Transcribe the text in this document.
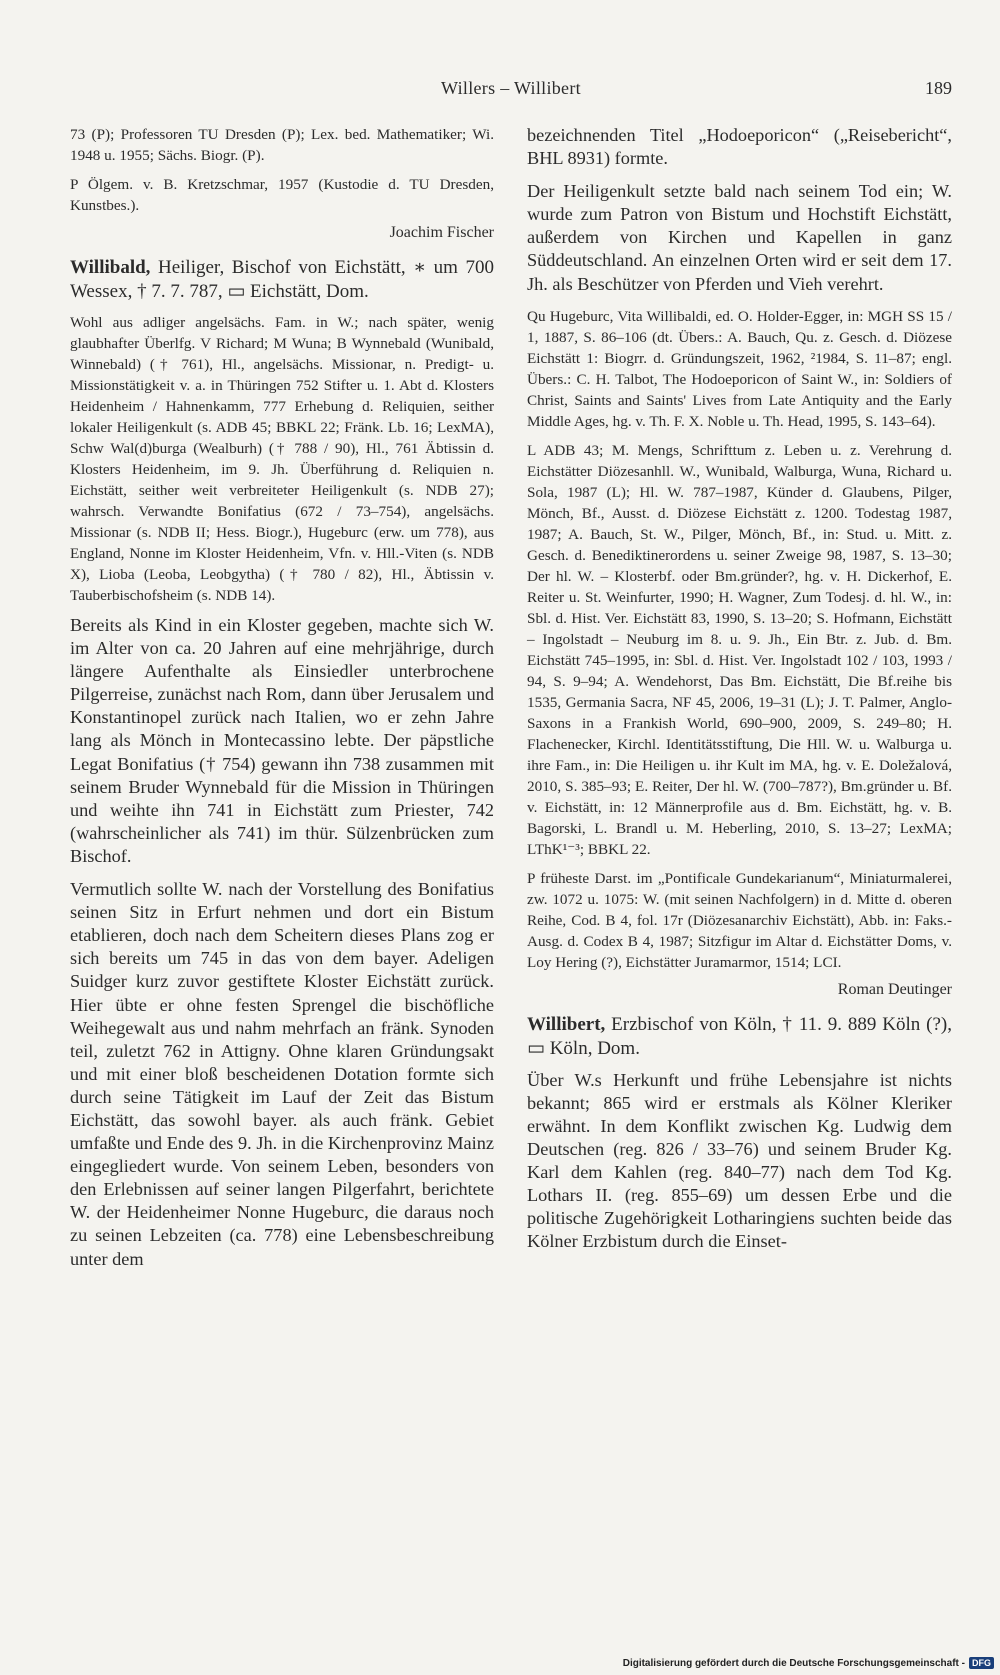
Willers – Willibert	189

73 (P); Professoren TU Dresden (P); Lex. bed. Mathematiker; Wi. 1948 u. 1955; Sächs. Biogr. (P).

P Ölgem. v. B. Kretzschmar, 1957 (Kustodie d. TU Dresden, Kunstbes.).

Joachim Fischer

Willibald, Heiliger, Bischof von Eichstätt, ∗ um 700 Wessex, † 7. 7. 787, ▭ Eichstätt, Dom.

Wohl aus adliger angelsächs. Fam. in W.; nach später, wenig glaubhafter Überlfg. V Richard; M Wuna; B Wynnebald (Wunibald, Winnebald) († 761), Hl., angelsächs. Missionar, n. Predigt- u. Missionstätigkeit v. a. in Thüringen 752 Stifter u. 1. Abt d. Klosters Heidenheim / Hahnenkamm, 777 Erhebung d. Reliquien, seither lokaler Heiligenkult (s. ADB 45; BBKL 22; Fränk. Lb. 16; LexMA), Schw Wal(d)burga (Wealburh) († 788 / 90), Hl., 761 Äbtissin d. Klosters Heidenheim, im 9. Jh. Überführung d. Reliquien n. Eichstätt, seither weit verbreiteter Heiligenkult (s. NDB 27); wahrsch. Verwandte Bonifatius (672 / 73–754), angelsächs. Missionar (s. NDB II; Hess. Biogr.), Hugeburc (erw. um 778), aus England, Nonne im Kloster Heidenheim, Vfn. v. Hll.-Viten (s. NDB X), Lioba (Leoba, Leobgytha) († 780 / 82), Hl., Äbtissin v. Tauberbischofsheim (s. NDB 14).

Bereits als Kind in ein Kloster gegeben, machte sich W. im Alter von ca. 20 Jahren auf eine mehrjährige, durch längere Aufenthalte als Einsiedler unterbrochene Pilgerreise, zunächst nach Rom, dann über Jerusalem und Konstantinopel zurück nach Italien, wo er zehn Jahre lang als Mönch in Montecassino lebte. Der päpstliche Legat Bonifatius († 754) gewann ihn 738 zusammen mit seinem Bruder Wynnebald für die Mission in Thüringen und weihte ihn 741 in Eichstätt zum Priester, 742 (wahrscheinlicher als 741) im thür. Sülzenbrücken zum Bischof.

Vermutlich sollte W. nach der Vorstellung des Bonifatius seinen Sitz in Erfurt nehmen und dort ein Bistum etablieren, doch nach dem Scheitern dieses Plans zog er sich bereits um 745 in das von dem bayer. Adeligen Suidger kurz zuvor gestiftete Kloster Eichstätt zurück. Hier übte er ohne festen Sprengel die bischöfliche Weihegewalt aus und nahm mehrfach an fränk. Synoden teil, zuletzt 762 in Attigny. Ohne klaren Gründungsakt und mit einer bloß bescheidenen Dotation formte sich durch seine Tätigkeit im Lauf der Zeit das Bistum Eichstätt, das sowohl bayer. als auch fränk. Gebiet umfaßte und Ende des 9. Jh. in die Kirchenprovinz Mainz eingegliedert wurde. Von seinem Leben, besonders von den Erlebnissen auf seiner langen Pilgerfahrt, berichtete W. der Heidenheimer Nonne Hugeburc, die daraus noch zu seinen Lebzeiten (ca. 778) eine Lebensbeschreibung unter dem

bezeichnenden Titel „Hodoeporicon“ („Reisebericht“, BHL 8931) formte.

Der Heiligenkult setzte bald nach seinem Tod ein; W. wurde zum Patron von Bistum und Hochstift Eichstätt, außerdem von Kirchen und Kapellen in ganz Süddeutschland. An einzelnen Orten wird er seit dem 17. Jh. als Beschützer von Pferden und Vieh verehrt.

Qu Hugeburc, Vita Willibaldi, ed. O. Holder-Egger, in: MGH SS 15 / 1, 1887, S. 86–106 (dt. Übers.: A. Bauch, Qu. z. Gesch. d. Diözese Eichstätt 1: Biogrr. d. Gründungszeit, 1962, ²1984, S. 11–87; engl. Übers.: C. H. Talbot, The Hodoeporicon of Saint W., in: Soldiers of Christ, Saints and Saints' Lives from Late Antiquity and the Early Middle Ages, hg. v. Th. F. X. Noble u. Th. Head, 1995, S. 143–64).

L ADB 43; M. Mengs, Schrifttum z. Leben u. z. Verehrung d. Eichstätter Diözesanhll. W., Wunibald, Walburga, Wuna, Richard u. Sola, 1987 (L); Hl. W. 787–1987, Künder d. Glaubens, Pilger, Mönch, Bf., Ausst. d. Diözese Eichstätt z. 1200. Todestag 1987, 1987; A. Bauch, St. W., Pilger, Mönch, Bf., in: Stud. u. Mitt. z. Gesch. d. Benediktinerordens u. seiner Zweige 98, 1987, S. 13–30; Der hl. W. – Klosterbf. oder Bm.gründer?, hg. v. H. Dickerhof, E. Reiter u. St. Weinfurter, 1990; H. Wagner, Zum Todesj. d. hl. W., in: Sbl. d. Hist. Ver. Eichstätt 83, 1990, S. 13–20; S. Hofmann, Eichstätt – Ingolstadt – Neuburg im 8. u. 9. Jh., Ein Btr. z. Jub. d. Bm. Eichstätt 745–1995, in: Sbl. d. Hist. Ver. Ingolstadt 102 / 103, 1993 / 94, S. 9–94; A. Wendehorst, Das Bm. Eichstätt, Die Bf.reihe bis 1535, Germania Sacra, NF 45, 2006, 19–31 (L); J. T. Palmer, Anglo-Saxons in a Frankish World, 690–900, 2009, S. 249–80; H. Flachenecker, Kirchl. Identitätsstiftung, Die Hll. W. u. Walburga u. ihre Fam., in: Die Heiligen u. ihr Kult im MA, hg. v. E. Doležalová, 2010, S. 385–93; E. Reiter, Der hl. W. (700–787?), Bm.gründer u. Bf. v. Eichstätt, in: 12 Männerprofile aus d. Bm. Eichstätt, hg. v. B. Bagorski, L. Brandl u. M. Heberling, 2010, S. 13–27; LexMA; LThK¹⁻³; BBKL 22.

P früheste Darst. im „Pontificale Gundekarianum“, Miniaturmalerei, zw. 1072 u. 1075: W. (mit seinen Nachfolgern) in d. Mitte d. oberen Reihe, Cod. B 4, fol. 17r (Diözesanarchiv Eichstätt), Abb. in: Faks.-Ausg. d. Codex B 4, 1987; Sitzfigur im Altar d. Eichstätter Doms, v. Loy Hering (?), Eichstätter Juramarmor, 1514; LCI.

Roman Deutinger

Willibert, Erzbischof von Köln, † 11. 9. 889 Köln (?), ▭ Köln, Dom.

Über W.s Herkunft und frühe Lebensjahre ist nichts bekannt; 865 wird er erstmals als Kölner Kleriker erwähnt. In dem Konflikt zwischen Kg. Ludwig dem Deutschen (reg. 826 / 33–76) und seinem Bruder Kg. Karl dem Kahlen (reg. 840–77) nach dem Tod Kg. Lothars II. (reg. 855–69) um dessen Erbe und die politische Zugehörigkeit Lotharingiens suchten beide das Kölner Erzbistum durch die Einset-

Digitalisierung gefördert durch die Deutsche Forschungsgemeinschaft - DFG
